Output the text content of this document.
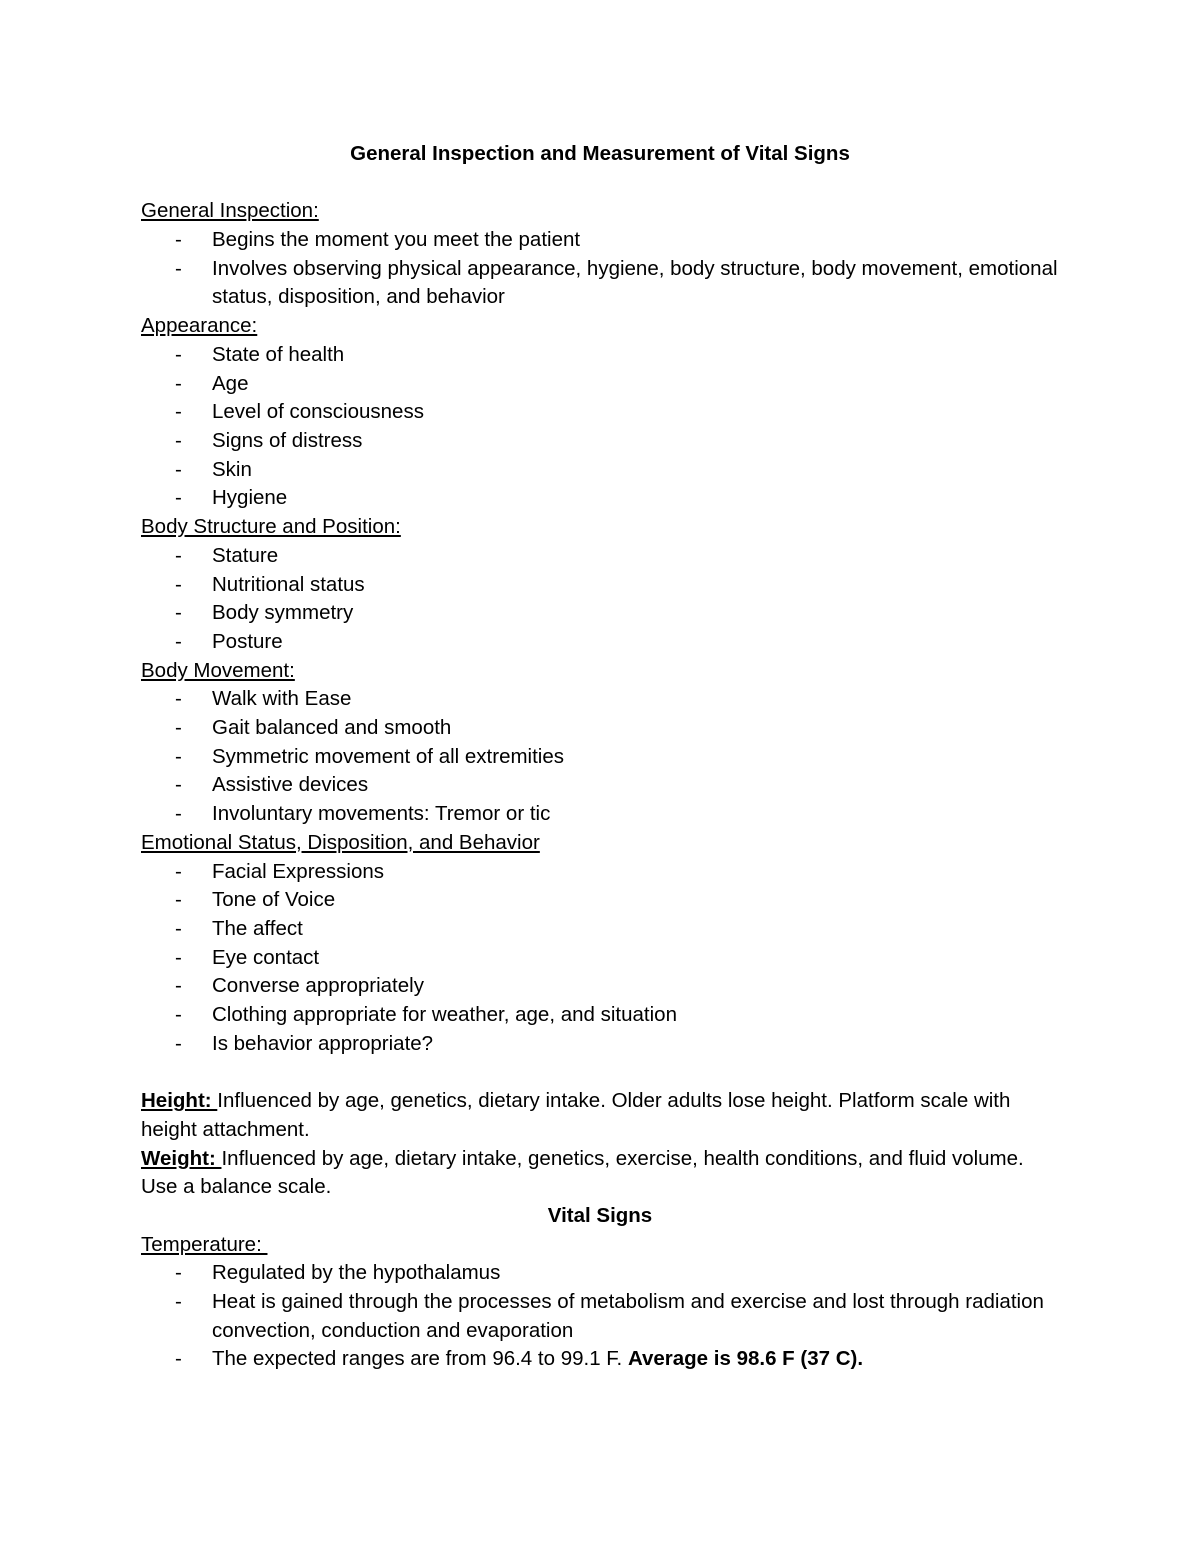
General Inspection and Measurement of Vital Signs
General Inspection:
- Begins the moment you meet the patient
- Involves observing physical appearance, hygiene, body structure, body movement, emotional status, disposition, and behavior
Appearance:
- State of health
- Age
- Level of consciousness
- Signs of distress
- Skin
- Hygiene
Body Structure and Position:
- Stature
- Nutritional status
- Body symmetry
- Posture
Body Movement:
- Walk with Ease
- Gait balanced and smooth
- Symmetric movement of all extremities
- Assistive devices
- Involuntary movements: Tremor or tic
Emotional Status, Disposition, and Behavior
- Facial Expressions
- Tone of Voice
- The affect
- Eye contact
- Converse appropriately
- Clothing appropriate for weather, age, and situation
- Is behavior appropriate?
Height: Influenced by age, genetics, dietary intake. Older adults lose height. Platform scale with height attachment.
Weight: Influenced by age, dietary intake, genetics, exercise, health conditions, and fluid volume. Use a balance scale.
Vital Signs
Temperature:
- Regulated by the hypothalamus
- Heat is gained through the processes of metabolism and exercise and lost through radiation convection, conduction and evaporation
- The expected ranges are from 96.4 to 99.1 F. Average is 98.6 F (37 C).
